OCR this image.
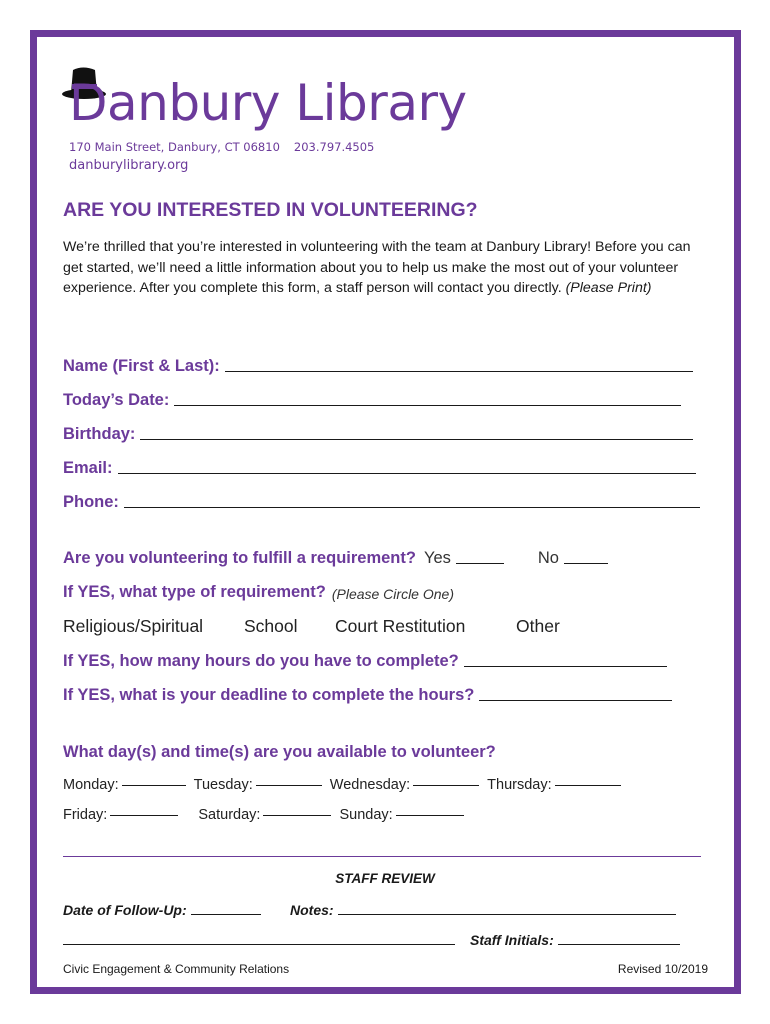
Danbury Library
170 Main Street, Danbury, CT 06810 203.797.4505
danburylibrary.org
ARE YOU INTERESTED IN VOLUNTEERING?

We’re thrilled that you’re interested in volunteering with the team at Danbury Library! Before you can get started, we’ll need a little information about you to help us make the most out of your volunteer experience. After you complete this form, a staff person will contact you directly. (Please Print)

Name (First & Last):
Today’s Date:
Birthday:
Email:
Phone:
Are you volunteering to fulfill a requirement? Yes	No
If YES, what type of requirement? (Please Circle One)
Religious/Spiritual School Court Restitution	Other
If YES, how many hours do you have to complete?
If YES, what is your deadline to complete the hours?
What day(s) and time(s) are you available to volunteer?
Monday:	Tuesday:	Wednesday:	Thursday:
Friday:	Saturday:	Sunday:
STAFF REVIEW
Date of Follow-Up:	Notes:
Staff Initials:
Civic Engagement & Community Relations	Revised 10/2019
